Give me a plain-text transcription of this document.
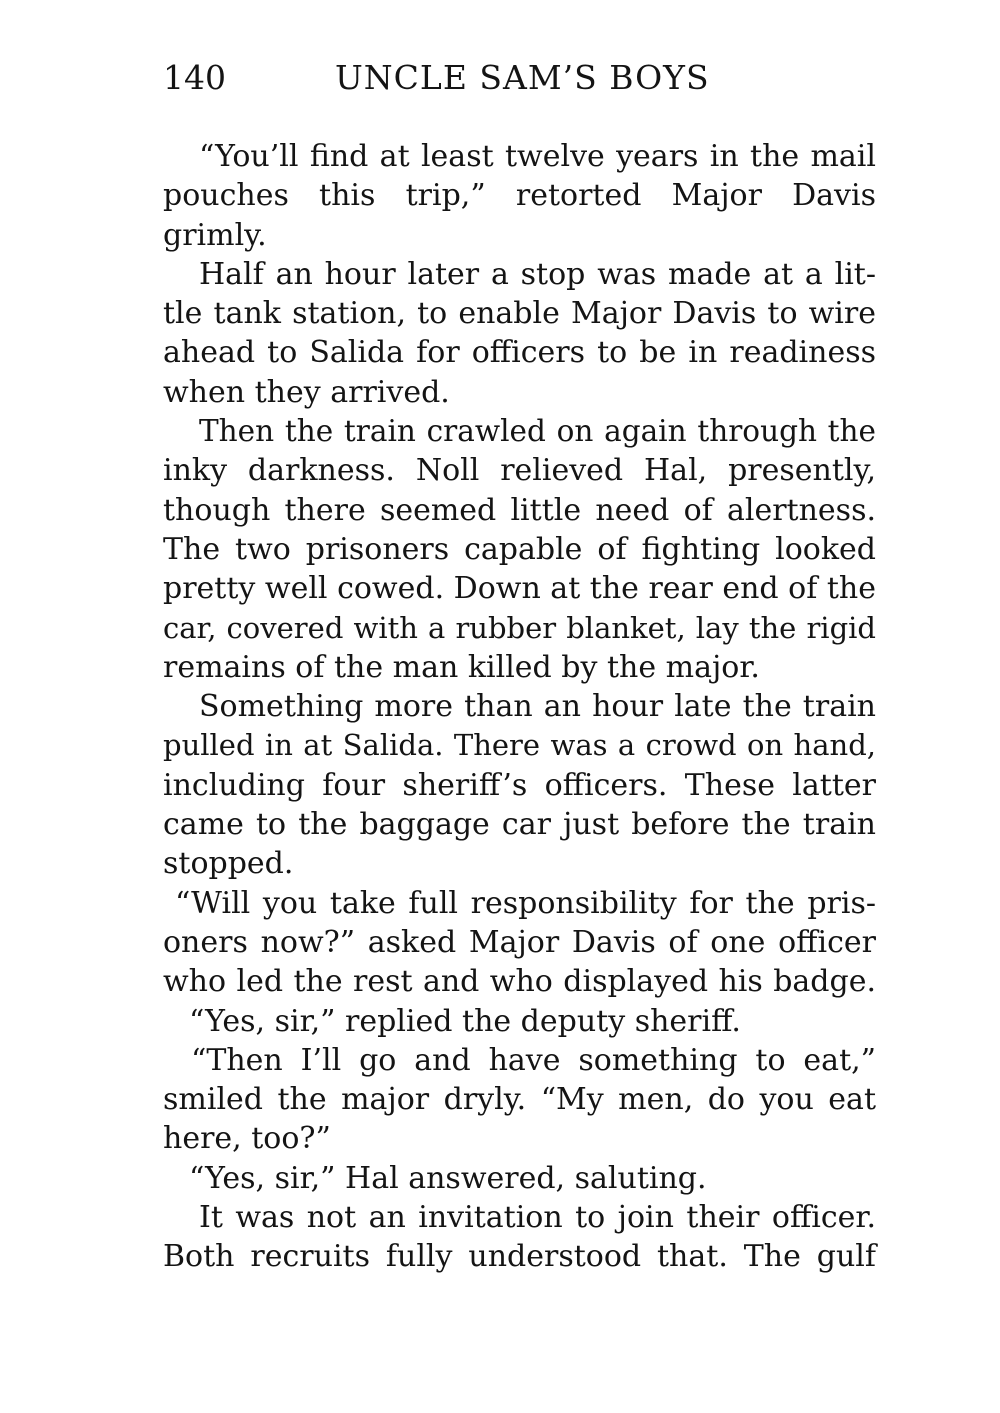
140	UNCLE SAM’S BOYS
“You’ll find at least twelve years in the mail
pouches this trip,” retorted Major Davis
grimly.
Half an hour later a stop was made at a lit-
tle tank station, to enable Major Davis to wire
ahead to Salida for officers to be in readiness
when they arrived.
Then the train crawled on again through the
inky darkness. Noll relieved Hal, presently,
though there seemed little need of alertness.
The two prisoners capable of fighting looked
pretty well cowed. Down at the rear end of the
car, covered with a rubber blanket, lay the rigid
remains of the man killed by the major.
Something more than an hour late the train
pulled in at Salida. There was a crowd on hand,
including four sheriff’s officers. These latter
came to the baggage car just before the train
stopped.
“Will you take full responsibility for the pris-
oners now?” asked Major Davis of one officer
who led the rest and who displayed his badge.
“Yes, sir,” replied the deputy sheriff.
“Then I’ll go and have something to eat,”
smiled the major dryly. “My men, do you eat
here, too?”
“Yes, sir,” Hal answered, saluting.
It was not an invitation to join their officer.
Both recruits fully understood that. The gulf
